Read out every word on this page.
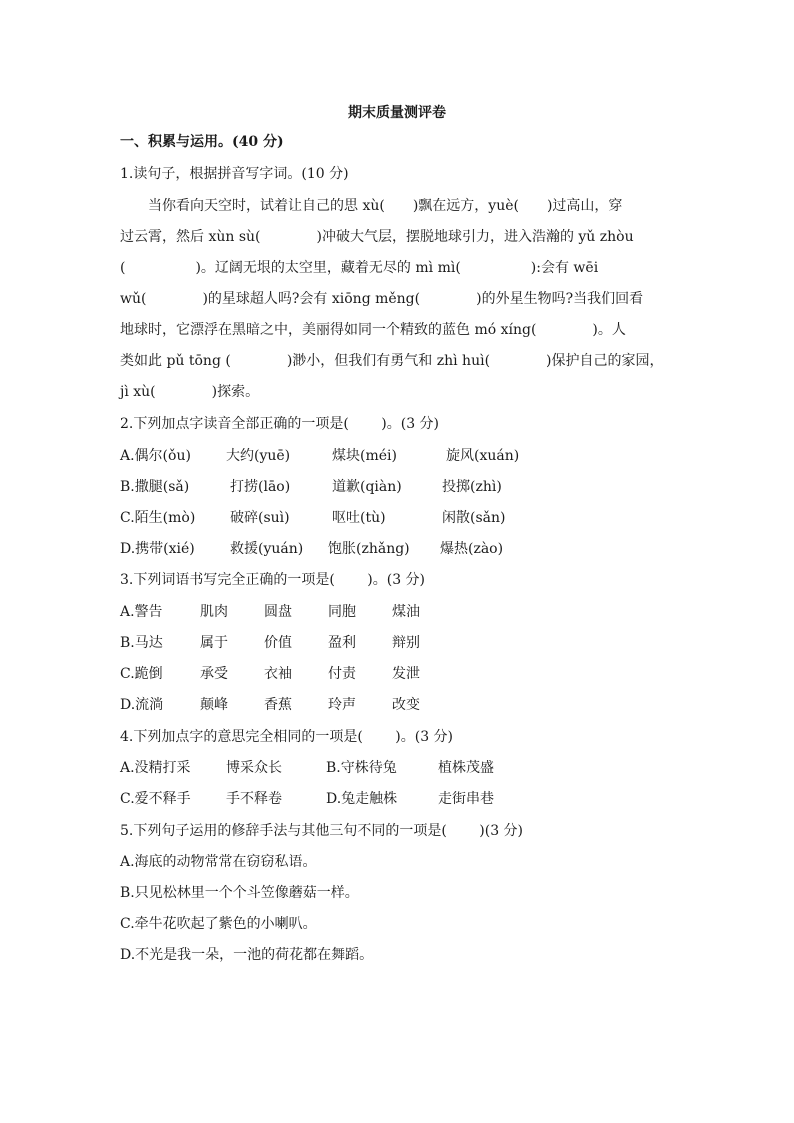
期末质量测评卷
一、积累与运用。(40 分)
1.读句子，根据拼音写字词。(10 分)
　　当你看向天空时，试着让自己的思 xù(　　)飘在远方，yuè(　　)过高山，穿
过云霄，然后 xùn sù(　　　　)冲破大气层，摆脱地球引力，进入浩瀚的 yǔ zhòu
(　　　　　)。辽阔无垠的太空里，藏着无尽的 mì mì(　　　　　):会有 wēi
wǔ(　　　　)的星球超人吗?会有 xiōng měng(　　　　)的外星生物吗?当我们回看
地球时，它漂浮在黑暗之中，美丽得如同一个精致的蓝色 mó xíng(　　　　)。人
类如此 pǔ tōng (　　　　)渺小，但我们有勇气和 zhì huì(　　　　)保护自己的家园，
jì xù(　　　　)探索。
2.下列加点字读音全部正确的一项是(　　 )。(3 分)
A.偶尔(ǒu)	大约(yuē)	煤块(méi)	旋风(xuán)
B.撒腿(sǎ)	打捞(lāo)	道歉(qiàn)	投掷(zhì)
C.陌生(mò) 破碎(suì)	呕吐(tù)	闲散(sǎn)
D.携带(xié)	救援(yuán) 饱胀(zhǎng) 爆热(zào)
3.下列词语书写完全正确的一项是(　　 )。(3 分)
A.警告	肌肉	圆盘	同胞	煤油
B.马达	属于	价值	盈利	辩别
C.跪倒	承受	衣袖	付责	发泄
D.流淌	颠峰	香蕉	玲声	改变
4.下列加点字的意思完全相同的一项是(　　 )。(3 分)
A.没精打采	博采众长	B.守株待兔	植株茂盛
C.爱不释手	手不释卷	D.兔走触株	走街串巷
5.下列句子运用的修辞手法与其他三句不同的一项是(　　 )(3 分)
A.海底的动物常常在窃窃私语。
B.只见松林里一个个斗笠像蘑菇一样。
C.牵牛花吹起了紫色的小喇叭。
D.不光是我一朵，一池的荷花都在舞蹈。
